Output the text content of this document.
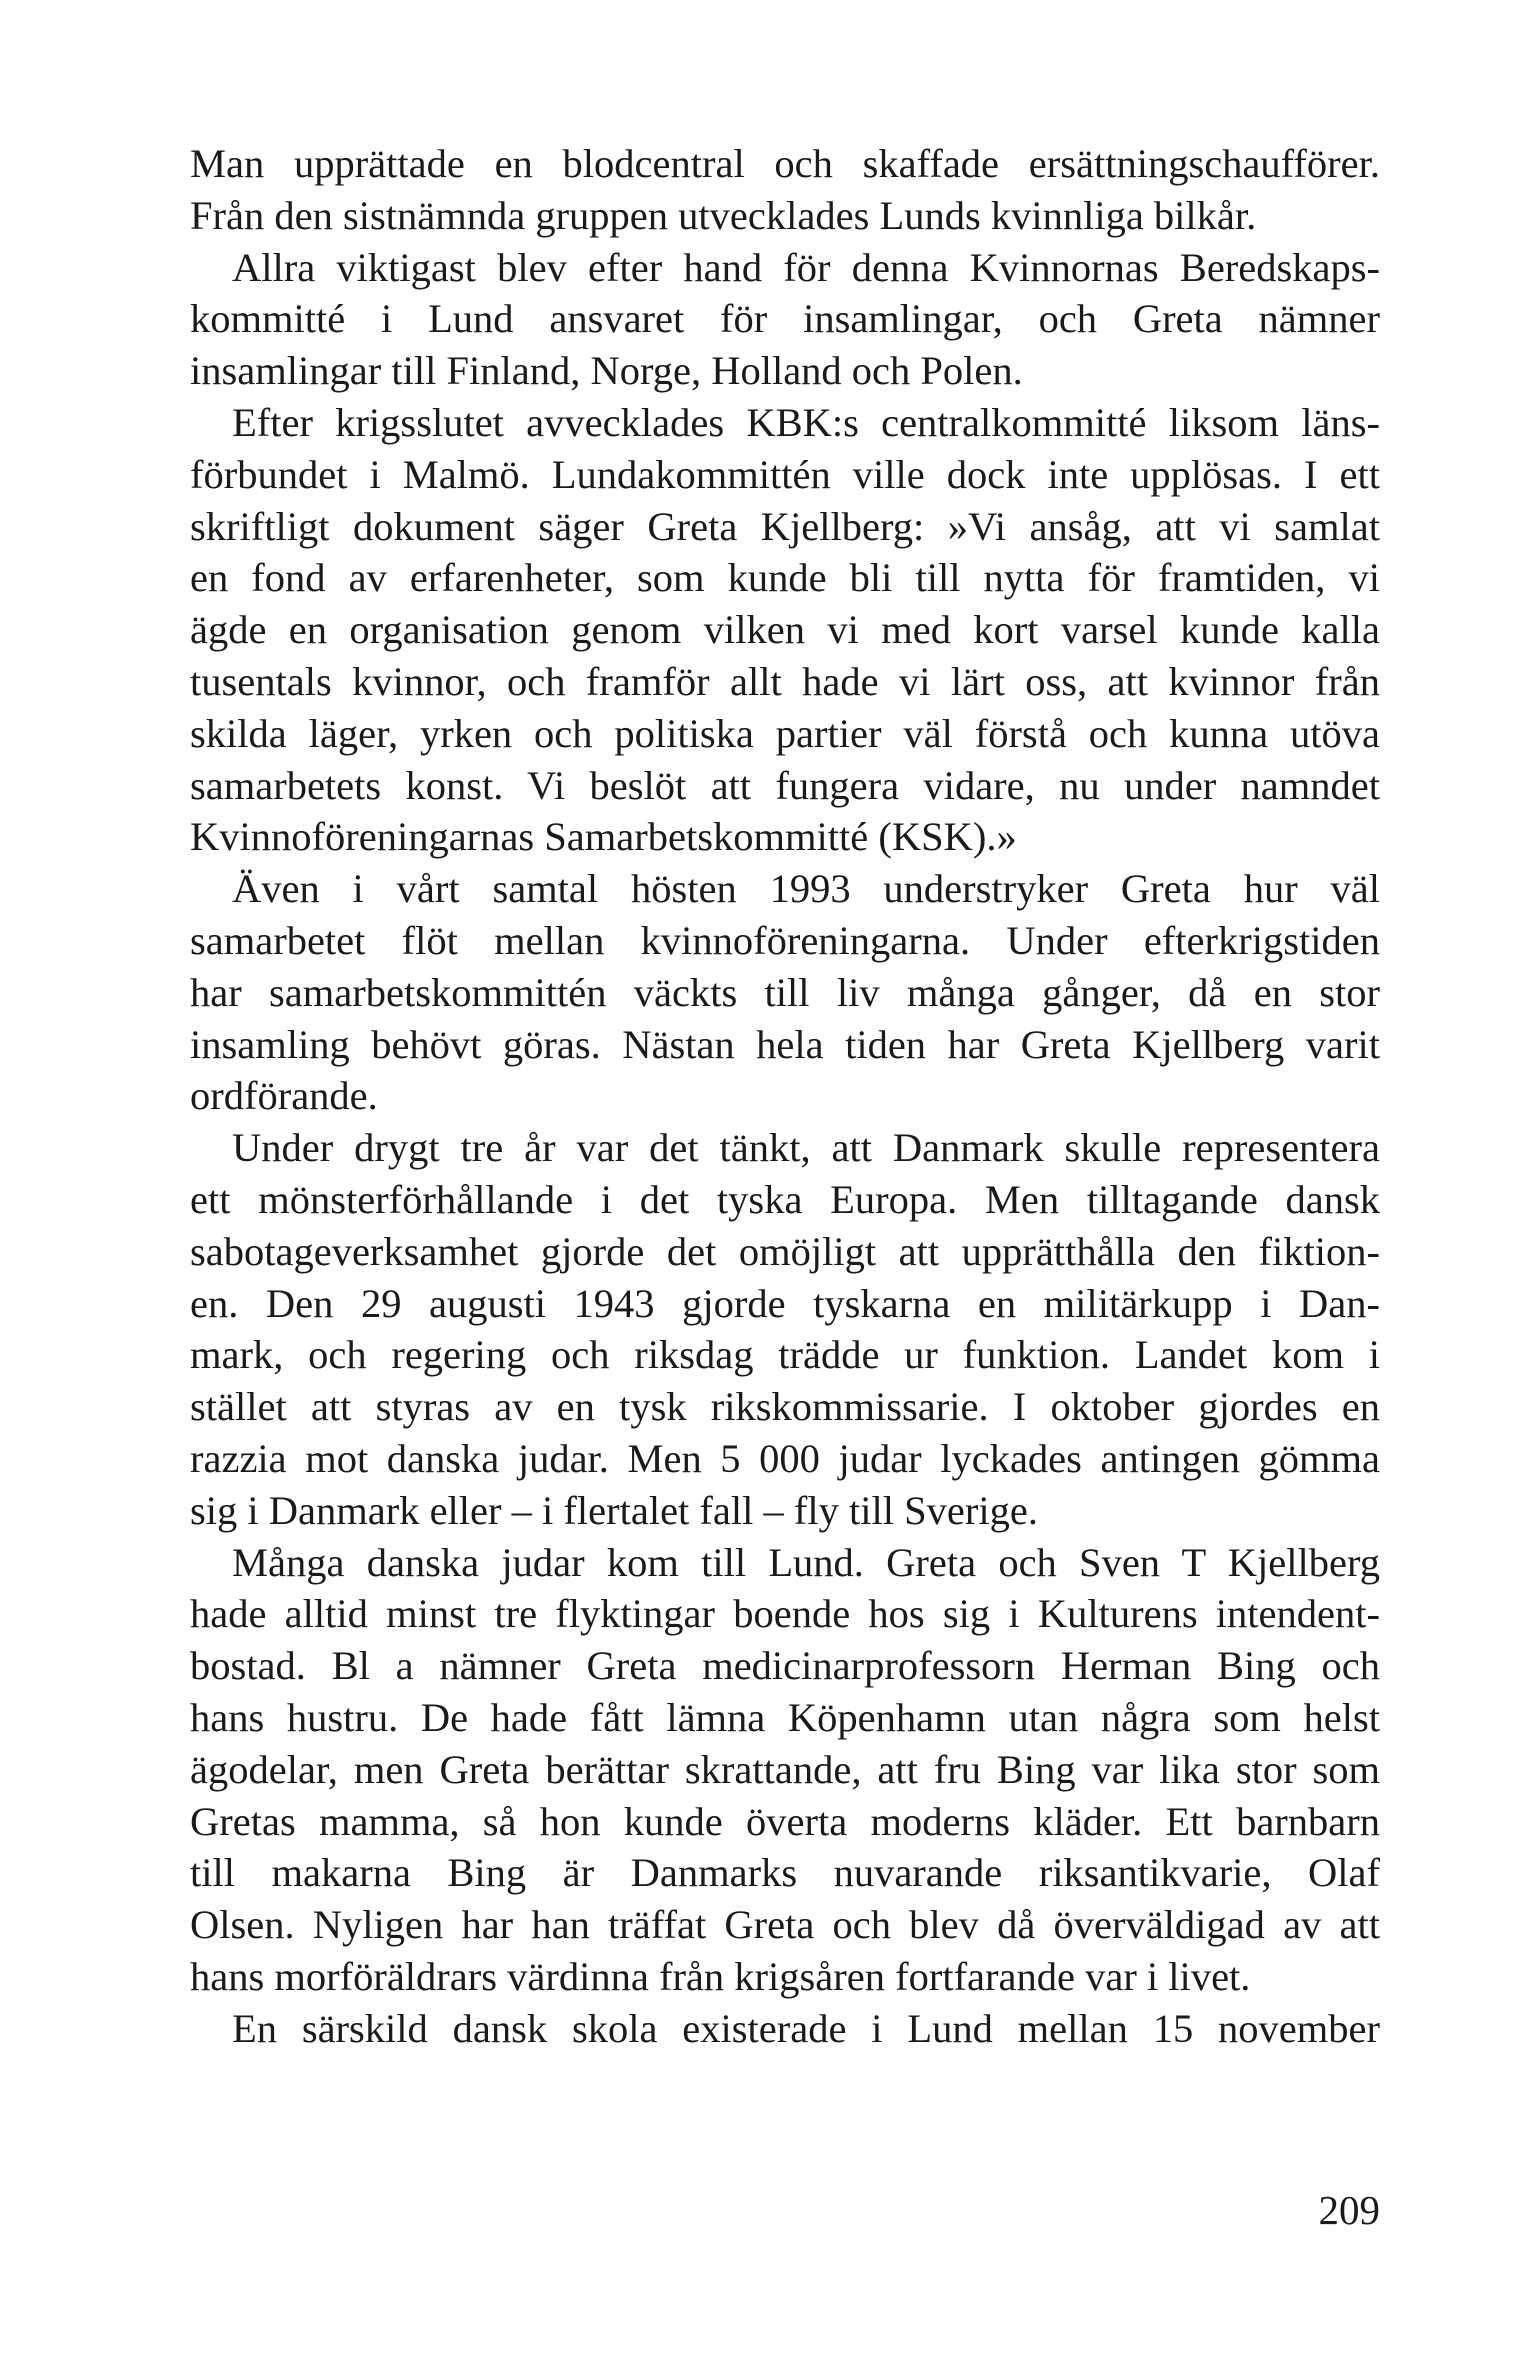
Man upprättade en blodcentral och skaffade ersättningschaufförer.
Från den sistnämnda gruppen utvecklades Lunds kvinnliga bilkår.

Allra viktigast blev efter hand för denna Kvinnornas Beredskaps-
kommitté i Lund ansvaret för insamlingar, och Greta nämner
insamlingar till Finland, Norge, Holland och Polen.

Efter krigsslutet avvecklades KBK:s centralkommitté liksom läns-
förbundet i Malmö. Lundakommittén ville dock inte upplösas. I ett
skriftligt dokument säger Greta Kjellberg: »Vi ansåg, att vi samlat
en fond av erfarenheter, som kunde bli till nytta för framtiden, vi
ägde en organisation genom vilken vi med kort varsel kunde kalla
tusentals kvinnor, och framför allt hade vi lärt oss, att kvinnor från
skilda läger, yrken och politiska partier väl förstå och kunna utöva
samarbetets konst. Vi beslöt att fungera vidare, nu under namndet
Kvinnoföreningarnas Samarbetskommitté (KSK).»

Även i vårt samtal hösten 1993 understryker Greta hur väl
samarbetet flöt mellan kvinnoföreningarna. Under efterkrigstiden
har samarbetskommittén väckts till liv många gånger, då en stor
insamling behövt göras. Nästan hela tiden har Greta Kjellberg varit
ordförande.

Under drygt tre år var det tänkt, att Danmark skulle representera
ett mönsterförhållande i det tyska Europa. Men tilltagande dansk
sabotageverksamhet gjorde det omöjligt att upprätthålla den fiktion-
en. Den 29 augusti 1943 gjorde tyskarna en militärkupp i Dan-
mark, och regering och riksdag trädde ur funktion. Landet kom i
stället att styras av en tysk rikskommissarie. I oktober gjordes en
razzia mot danska judar. Men 5 000 judar lyckades antingen gömma
sig i Danmark eller – i flertalet fall – fly till Sverige.

Många danska judar kom till Lund. Greta och Sven T Kjellberg
hade alltid minst tre flyktingar boende hos sig i Kulturens intendent-
bostad. Bl a nämner Greta medicinarprofessorn Herman Bing och
hans hustru. De hade fått lämna Köpenhamn utan några som helst
ägodelar, men Greta berättar skrattande, att fru Bing var lika stor som
Gretas mamma, så hon kunde överta moderns kläder. Ett barnbarn
till makarna Bing är Danmarks nuvarande riksantikvarie, Olaf
Olsen. Nyligen har han träffat Greta och blev då överväldigad av att
hans morföräldrars värdinna från krigsåren fortfarande var i livet.

En särskild dansk skola existerade i Lund mellan 15 november

209
